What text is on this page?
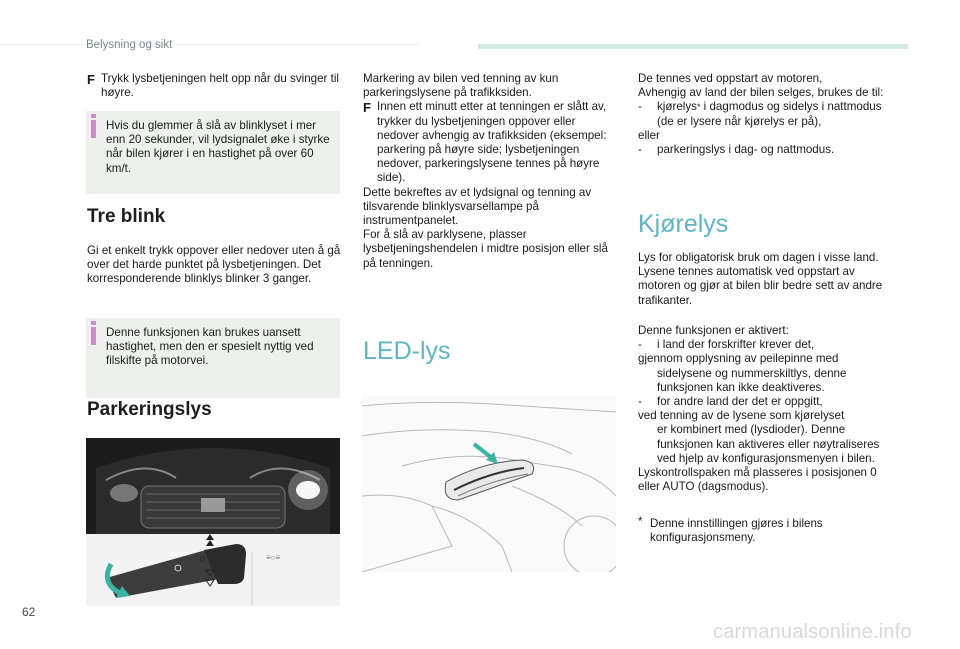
Belysning og sikt
F Trykk lysbetjeningen helt opp når du svinger til høyre.
Hvis du glemmer å slå av blinklyset i mer enn 20 sekunder, vil lydsignalet øke i styrke når bilen kjører i en hastighet på over 60 km/t.
Tre blink
Gi et enkelt trykk oppover eller nedover uten å gå over det harde punktet på lysbetjeningen. Det korresponderende blinklys blinker 3 ganger.
Denne funksjonen kan brukes uansett hastighet, men den er spesielt nyttig ved filskifte på motorvei.
Parkeringslys
AUTO 0	≡○≡
Markering av bilen ved tenning av kun parkeringslysene på trafikksiden.
F Innen ett minutt etter at tenningen er slått av, trykker du lysbetjeningen oppover eller nedover avhengig av trafikksiden (eksempel: parkering på høyre side; lysbetjeningen nedover, parkeringslysene tennes på høyre side).
Dette bekreftes av et lydsignal og tenning av tilsvarende blinklysvarsellampe på instrumentpanelet.
For å slå av parklysene, plasser lysbetjeningshendelen i midtre posisjon eller slå på tenningen.
LED-lys
De tennes ved oppstart av motoren,
Avhengig av land der bilen selges, brukes de til:
- kjørelys* i dagmodus og sidelys i nattmodus (de er lysere når kjørelys er på),
eller
- parkeringslys i dag- og nattmodus.
Kjørelys
Lys for obligatorisk bruk om dagen i visse land. Lysene tennes automatisk ved oppstart av motoren og gjør at bilen blir bedre sett av andre trafikanter.
Denne funksjonen er aktivert:
- i land der forskrifter krever det,
gjennom opplysning av peilepinne med
sidelysene og nummerskiltlys, denne funksjonen kan ikke deaktiveres.
- for andre land der det er oppgitt,
ved tenning av de lysene som kjørelyset
er kombinert med (lysdioder). Denne funksjonen kan aktiveres eller nøytraliseres ved hjelp av konfigurasjonsmenyen i bilen.
Lyskontrollspaken må plasseres i posisjonen 0 eller AUTO (dagsmodus).
* Denne innstillingen gjøres i bilens konfigurasjonsmeny.
62
carmanualsonline.info
